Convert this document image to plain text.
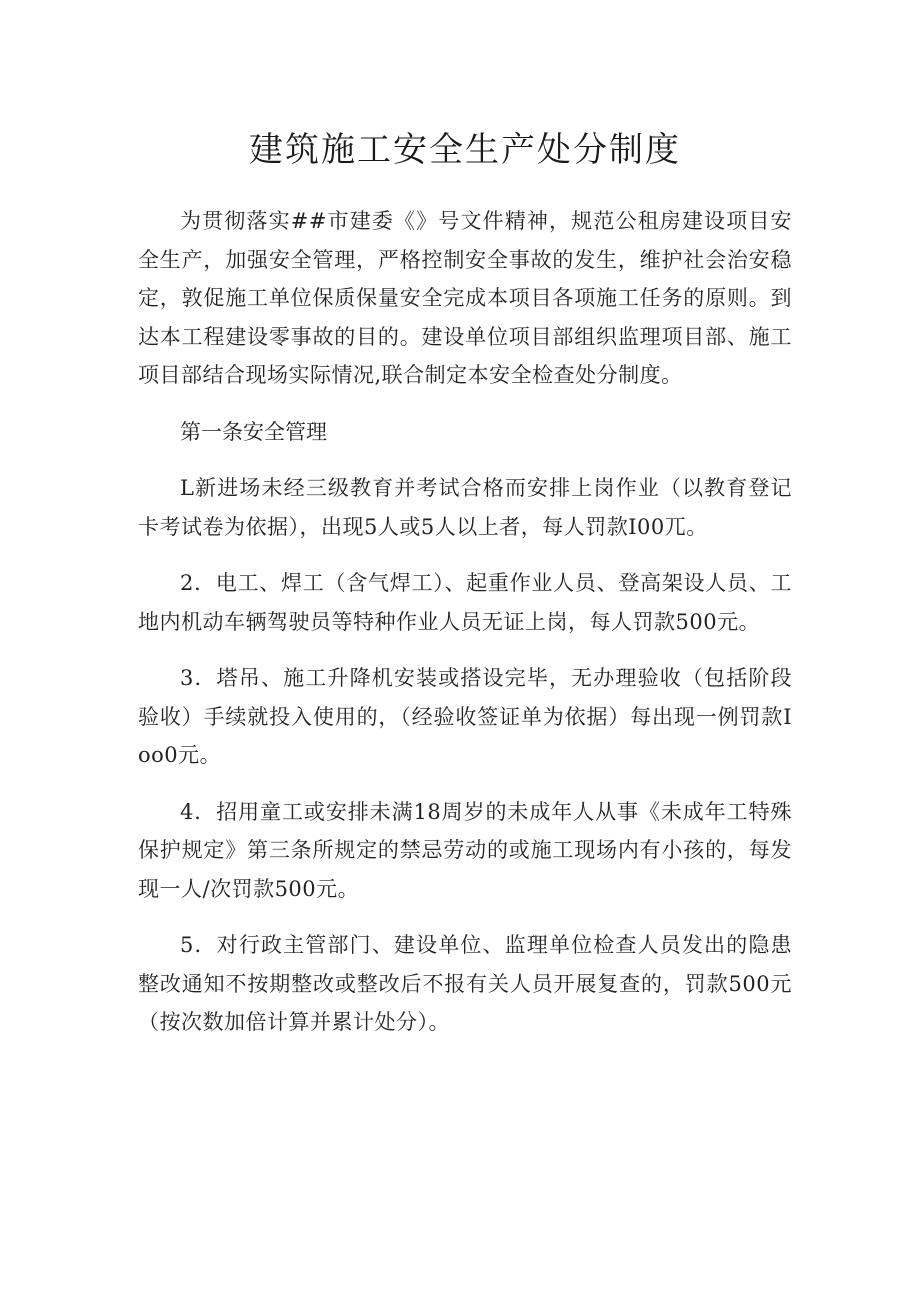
建筑施工安全生产处分制度

为贯彻落实##市建委《》号文件精神，规范公租房建设项目安全生产，加强安全管理，严格控制安全事故的发生，维护社会治安稳定，敦促施工单位保质保量安全完成本项目各项施工任务的原则。到达本工程建设零事故的目的。建设单位项目部组织监理项目部、施工项目部结合现场实际情况,联合制定本安全检查处分制度。

第一条安全管理

L新进场未经三级教育并考试合格而安排上岗作业（以教育登记卡考试卷为依据），出现5人或5人以上者，每人罚款I00兀。

2．电工、焊工（含气焊工）、起重作业人员、登高架设人员、工地内机动车辆驾驶员等特种作业人员无证上岗，每人罚款500元。

3．塔吊、施工升降机安装或搭设完毕，无办理验收（包括阶段验收）手续就投入使用的，（经验收签证单为依据）每出现一例罚款Ioo0元。

4．招用童工或安排未满18周岁的未成年人从事《未成年工特殊保护规定》第三条所规定的禁忌劳动的或施工现场内有小孩的，每发现一人/次罚款500元。

5．对行政主管部门、建设单位、监理单位检查人员发出的隐患整改通知不按期整改或整改后不报有关人员开展复查的，罚款500元（按次数加倍计算并累计处分）。
